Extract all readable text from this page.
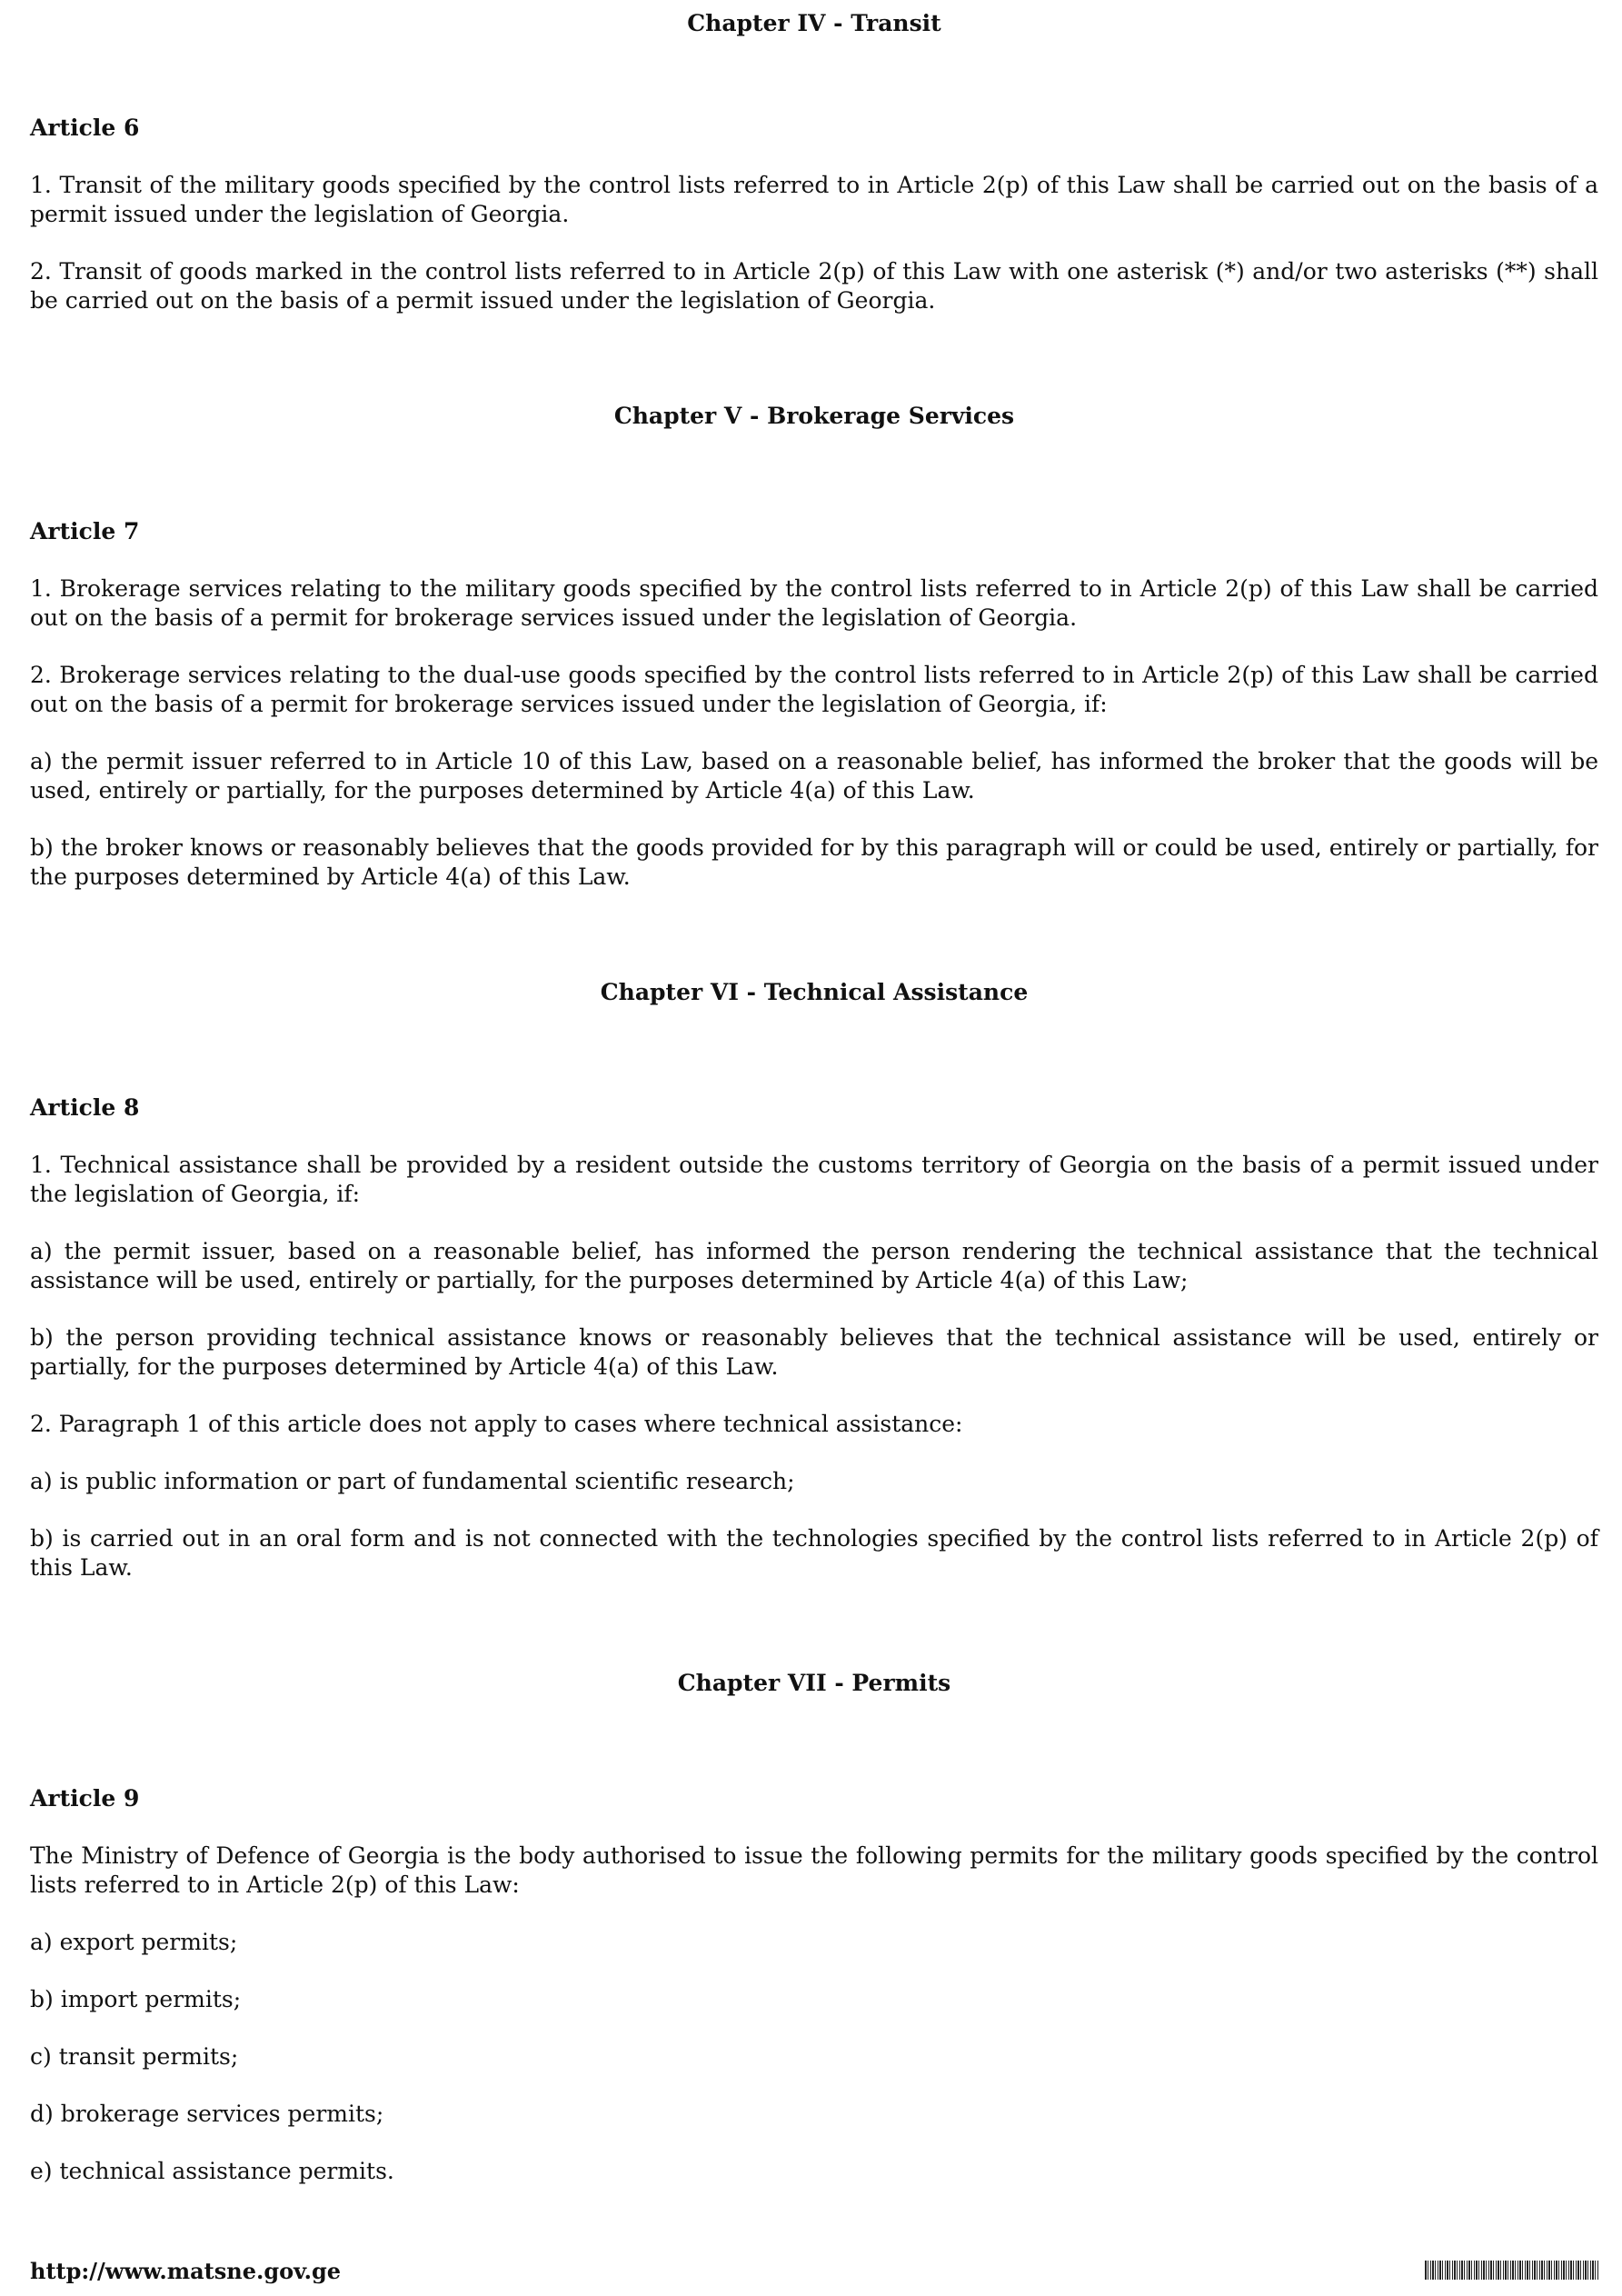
Chapter IV - Transit
Article 6

1. Transit of the military goods specified by the control lists referred to in Article 2(p) of this Law shall be carried out on the basis of a permit issued under the legislation of Georgia.

2. Transit of goods marked in the control lists referred to in Article 2(p) of this Law with one asterisk (*) and/or two asterisks (**) shall be carried out on the basis of a permit issued under the legislation of Georgia.

Chapter V - Brokerage Services
Article 7

1. Brokerage services relating to the military goods specified by the control lists referred to in Article 2(p) of this Law shall be carried out on the basis of a permit for brokerage services issued under the legislation of Georgia.

2. Brokerage services relating to the dual-use goods specified by the control lists referred to in Article 2(p) of this Law shall be carried out on the basis of a permit for brokerage services issued under the legislation of Georgia, if:

a) the permit issuer referred to in Article 10 of this Law, based on a reasonable belief, has informed the broker that the goods will be used, entirely or partially, for the purposes determined by Article 4(a) of this Law.

b) the broker knows or reasonably believes that the goods provided for by this paragraph will or could be used, entirely or partially, for the purposes determined by Article 4(a) of this Law.

Chapter VI - Technical Assistance
Article 8

1. Technical assistance shall be provided by a resident outside the customs territory of Georgia on the basis of a permit issued under the legislation of Georgia, if:

a) the permit issuer, based on a reasonable belief, has informed the person rendering the technical assistance that the technical assistance will be used, entirely or partially, for the purposes determined by Article 4(a) of this Law;

b) the person providing technical assistance knows or reasonably believes that the technical assistance will be used, entirely or partially, for the purposes determined by Article 4(a) of this Law.

2. Paragraph 1 of this article does not apply to cases where technical assistance:

a) is public information or part of fundamental scientific research;

b) is carried out in an oral form and is not connected with the technologies specified by the control lists referred to in Article 2(p) of this Law.

Chapter VII - Permits
Article 9

The Ministry of Defence of Georgia is the body authorised to issue the following permits for the military goods specified by the control lists referred to in Article 2(p) of this Law:

a) export permits;

b) import permits;

c) transit permits;

d) brokerage services permits;

e) technical assistance permits.

http://www.matsne.gov.ge
